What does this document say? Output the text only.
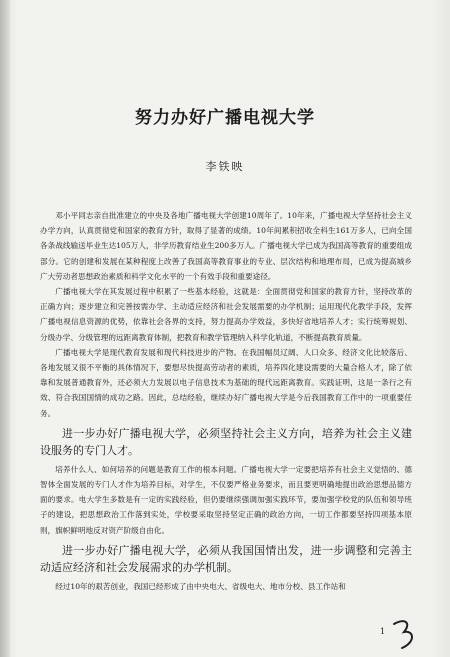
努力办好广播电视大学
李铁映

邓小平同志亲自批准建立的中央及各地广播电视大学创建10周年了。10年来，广播电视大学坚持社会主义办学方向，认真贯彻党和国家的教育方针，取得了显著的成绩。10年间累积招收全科生161万多人，已向全国各条战线输送毕业生达105万人，非学历教育结业生200多万人。广播电视大学已成为我国高等教育的重要组成部分。它的创建和发展在某种程度上改善了我国高等教育事业的专业、层次结构和地理布局，已成为提高城乡广大劳动者思想政治素质和科学文化水平的一个有效手段和重要途径。

广播电视大学在其发展过程中积累了一些基本经验，这就是：全面贯彻党和国家的教育方针，坚持改革的正确方向；逐步建立和完善按需办学、主动适应经济和社会发展需要的办学机制；运用现代化教学手段，发挥广播电视信息资源的优势，依靠社会各界的支持，努力提高办学效益，多快好省地培养人才；实行统筹规划、分级办学、分级管理的远距离教育体制，把教育和教学管理纳入科学化轨道，不断提高教育质量。

广播电视大学是现代教育发展和现代科技进步的产物。在我国幅员辽阔、人口众多、经济文化比较落后、各地发展又很不平衡的具体情况下，要想尽快提高劳动者的素质，培养四化建设需要的大量合格人才，除了依靠和发展普通教育外，还必须大力发展以电子信息技术为基础的现代远距离教育。实践证明，这是一条行之有效、符合我国国情的成功之路。因此，总结经验，继续办好广播电视大学是今后我国教育工作中的一项重要任务。

进一步办好广播电视大学，必须坚持社会主义方向，培养为社会主义建设服务的专门人才。

培养什么人、如何培养的问题是教育工作的根本问题。广播电视大学一定要把培养有社会主义觉悟的、德智体全面发展的专门人才作为培养目标，对学生，不仅要严格业务要求，而且要更明确地提出政治思想品德方面的要求。电大学生多数是有一定的实践经验，但仍要继续强调加强实践环节，要加强学校党的队伍和领导班子的建设，把思想政治工作落到实处，学校要采取坚持坚定正确的政治方向，一切工作都要坚持四项基本原则，旗帜鲜明地反对资产阶级自由化。

进一步办好广播电视大学，必须从我国国情出发，进一步调整和完善主动适应经济和社会发展需求的办学机制。

经过10年的艰苦创业，我国已经形成了由中央电大、省级电大、地市分校、县工作站和

1
